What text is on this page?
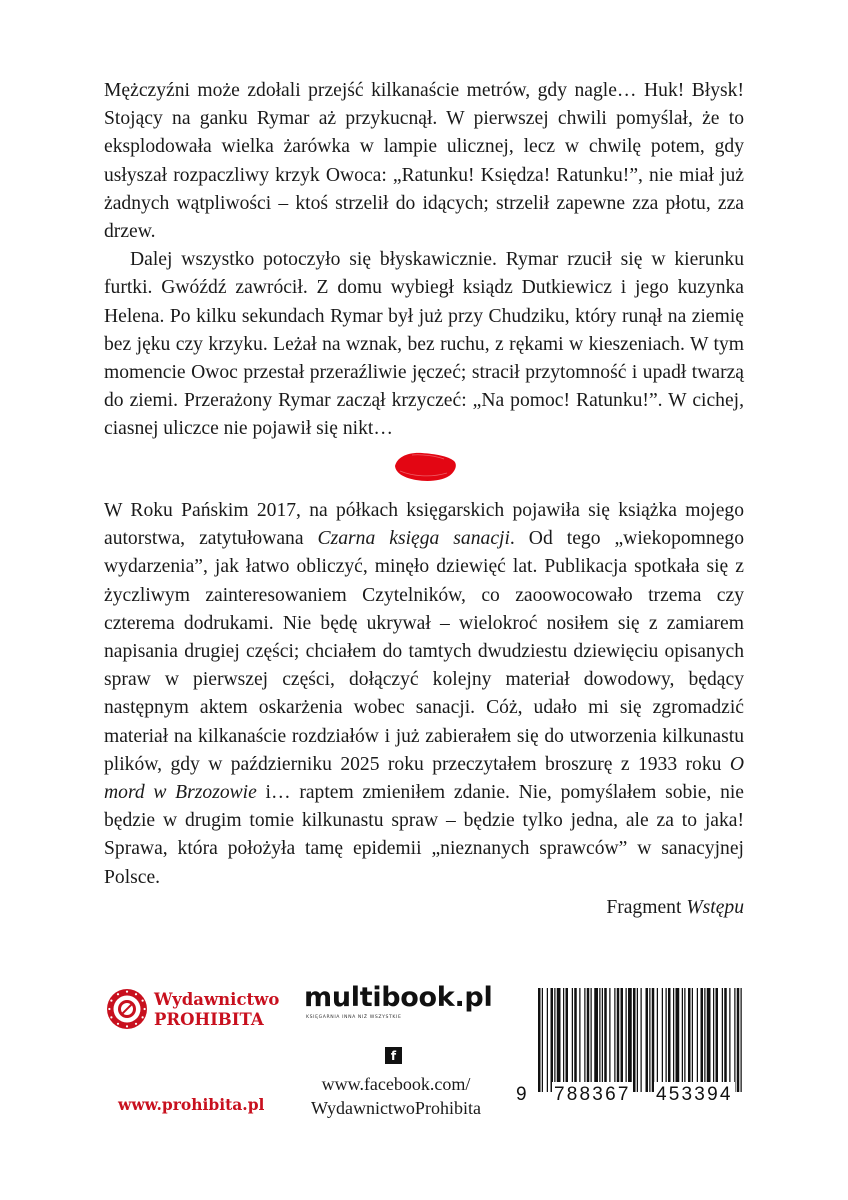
Mężczyźni może zdołali przejść kilkanaście metrów, gdy nagle… Huk! Błysk! Stojący na ganku Rymar aż przykucnął. W pierwszej chwili pomyślał, że to eksplodowała wielka żarówka w lampie ulicznej, lecz w chwilę potem, gdy usłyszał rozpaczliwy krzyk Owoca: „Ratunku! Księdza! Ratunku!”, nie miał już żadnych wątpliwości – ktoś strzelił do idących; strzelił zapewne zza płotu, zza drzew.

Dalej wszystko potoczyło się błyskawicznie. Rymar rzucił się w kierunku furtki. Gwóźdź zawrócił. Z domu wybiegł ksiądz Dutkiewicz i jego kuzynka Helena. Po kilku sekundach Rymar był już przy Chudziku, który runął na ziemię bez jęku czy krzyku. Leżał na wznak, bez ruchu, z rękami w kieszeniach. W tym momencie Owoc przestał przeraźliwie jęczeć; stracił przytomność i upadł twarzą do ziemi. Przerażony Rymar zaczął krzyczeć: „Na pomoc! Ratunku!”. W cichej, ciasnej uliczce nie pojawił się nikt…

W Roku Pańskim 2017, na półkach księgarskich pojawiła się książka mojego autorstwa, zatytułowana Czarna księga sanacji. Od tego „wiekopomnego wydarzenia”, jak łatwo obliczyć, minęło dziewięć lat. Publikacja spotkała się z życzliwym zainteresowaniem Czytelników, co zaoowocowało trzema czy czterema dodrukami. Nie będę ukrywał – wielokroć nosiłem się z zamiarem napisania drugiej części; chciałem do tamtych dwudziestu dziewięciu opisanych spraw w pierwszej części, dołączyć kolejny materiał dowodowy, będący następnym aktem oskarżenia wobec sanacji. Cóż, udało mi się zgromadzić materiał na kilkanaście rozdziałów i już zabierałem się do utworzenia kilkunastu plików, gdy w październiku 2025 roku przeczytałem broszurę z 1933 roku O mord w Brzozowie i… raptem zmieniłem zdanie. Nie, pomyślałem sobie, nie będzie w drugim tomie kilkunastu spraw – będzie tylko jedna, ale za to jaka! Sprawa, która położyła tamę epidemii „nieznanych sprawców” w sanacyjnej Polsce.

Fragment Wstępu
Wydawnictwo
PROHIBITA
www.prohibita.pl
multibook.pl
KSIĘGARNIA INNA NIŻ WSZYSTKIE
f
www.facebook.com/
WydawnictwoProhibita
9 788367 453394
